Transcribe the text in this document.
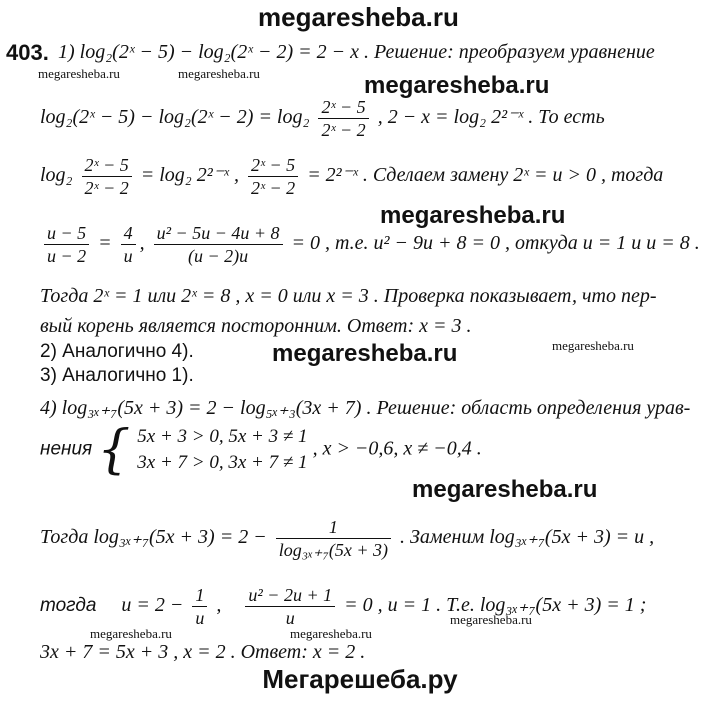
megaresheba.ru
403. 1) log₂(2ˣ − 5) − log₂(2ˣ − 2) = 2 − x . Решение: преобразуем уравнение
megaresheba.ru	megaresheba.ru	megaresheba.ru
log₂(2ˣ − 5) − log₂(2ˣ − $2) = \log_2 \frac{\text{2ˣ − 5}}{\text{2ˣ − 2}}$ , 2 − x = log₂ 2²⁻ˣ . То есть
$\log_2 \frac{\text{2ˣ − 5}}{\text{2ˣ − 2}} = \log_2$ 2²⁻ˣ , $\frac{\text{2ˣ − 5}}{\text{2ˣ − 2}}$ = 2²⁻ˣ . Сделаем замену 2ˣ = u > 0 , тогда
megaresheba.ru
$\frac{u - 5}{u - 2} = \frac{4}{u}$ , $\frac{\text{u² − 5u − 4u + 8}}{(u - 2)u} = 0$ , т.е. u² − 9u + 8 = 0 , откуда u = 1 и u = 8 .
Тогда 2ˣ = 1 или 2ˣ = 8 , x = 0 или x = 3 . Проверка показывает, что пер-
вый корень является посторонним. Ответ: x = 3 .
2) Аналогично 4).	megaresheba.ru	megaresheba.ru
3) Аналогично 1).
4) log₃ₓ₊₇(5x + 3) = 2 − log₅ₓ₊₃(3x + 7) . Решение: область определения урав-
нения { 5x + 3 > 0, 5x + 3 ≠ 1
3x + 7 > 0, 3x + 7 ≠ 1
, x > −0,6, x ≠ −0,4 .
megaresheba.ru
Тогда $\log_{3x+7}(5x + 3) = 2 - \frac{1}{\text{log₃ₓ₊₇(5x + 3)}}$ . Заменим log₃ₓ₊₇(5x + 3) = u ,
тогда $u = 2 - \frac{1}{u}$ , $\frac{\text{u² − 2u + 1}}{u} = 0$ , u = 1 . Т.е. log₃ₓ₊₇(5x + 3) = 1 ;
megaresheba.ru	megaresheba.ru
megaresheba.ru
3x + 7 = 5x + 3 , x = 2 . Ответ: x = 2 .
Мегарешеба.ру
